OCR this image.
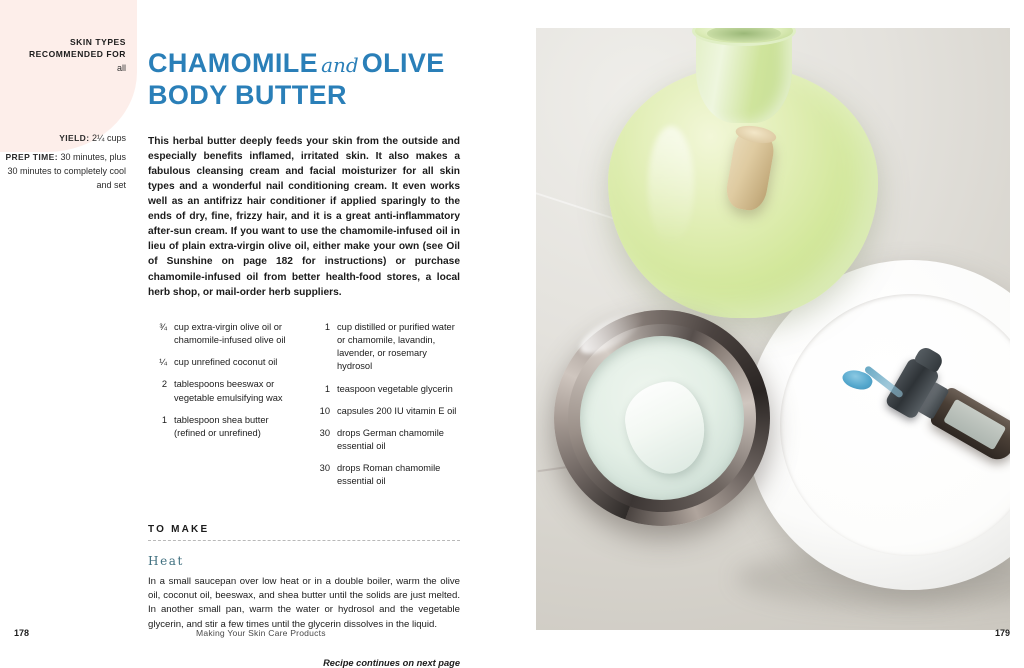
SKIN TYPES RECOMMENDED FOR
all
YIELD: 2¼ cups
PREP TIME: 30 minutes, plus 30 minutes to completely cool and set
CHAMOMILE and OLIVE
BODY BUTTER

This herbal butter deeply feeds your skin from the outside and especially benefits inflamed, irritated skin. It also makes a fabulous cleansing cream and facial moisturizer for all skin types and a wonderful nail conditioning cream. It even works well as an antifrizz hair conditioner if applied sparingly to the ends of dry, fine, frizzy hair, and it is a great anti-inflammatory after-sun cream. If you want to use the chamomile-infused oil in lieu of plain extra-virgin olive oil, either make your own (see Oil of Sunshine on page 182 for instructions) or purchase chamomile-infused oil from better health-food stores, a local herb shop, or mail-order herb suppliers.

¾ cup extra-virgin olive oil or chamomile-infused olive oil
¼ cup unrefined coconut oil
2 tablespoons beeswax or vegetable emulsifying wax
1 tablespoon shea butter (refined or unrefined)
1 cup distilled or purified water or chamomile, lavandin, lavender, or rosemary hydrosol
1 teaspoon vegetable glycerin
10 capsules 200 IU vitamin E oil
30 drops German chamomile essential oil
30 drops Roman chamomile essential oil
TO MAKE
Heat
In a small saucepan over low heat or in a double boiler, warm the olive oil, coconut oil, beeswax, and shea butter until the solids are just melted. In another small pan, warm the water or hydrosol and the vegetable glycerin, and stir a few times until the glycerin dissolves in the liquid.
Recipe continues on next page
178	Making Your Skin Care Products	179
